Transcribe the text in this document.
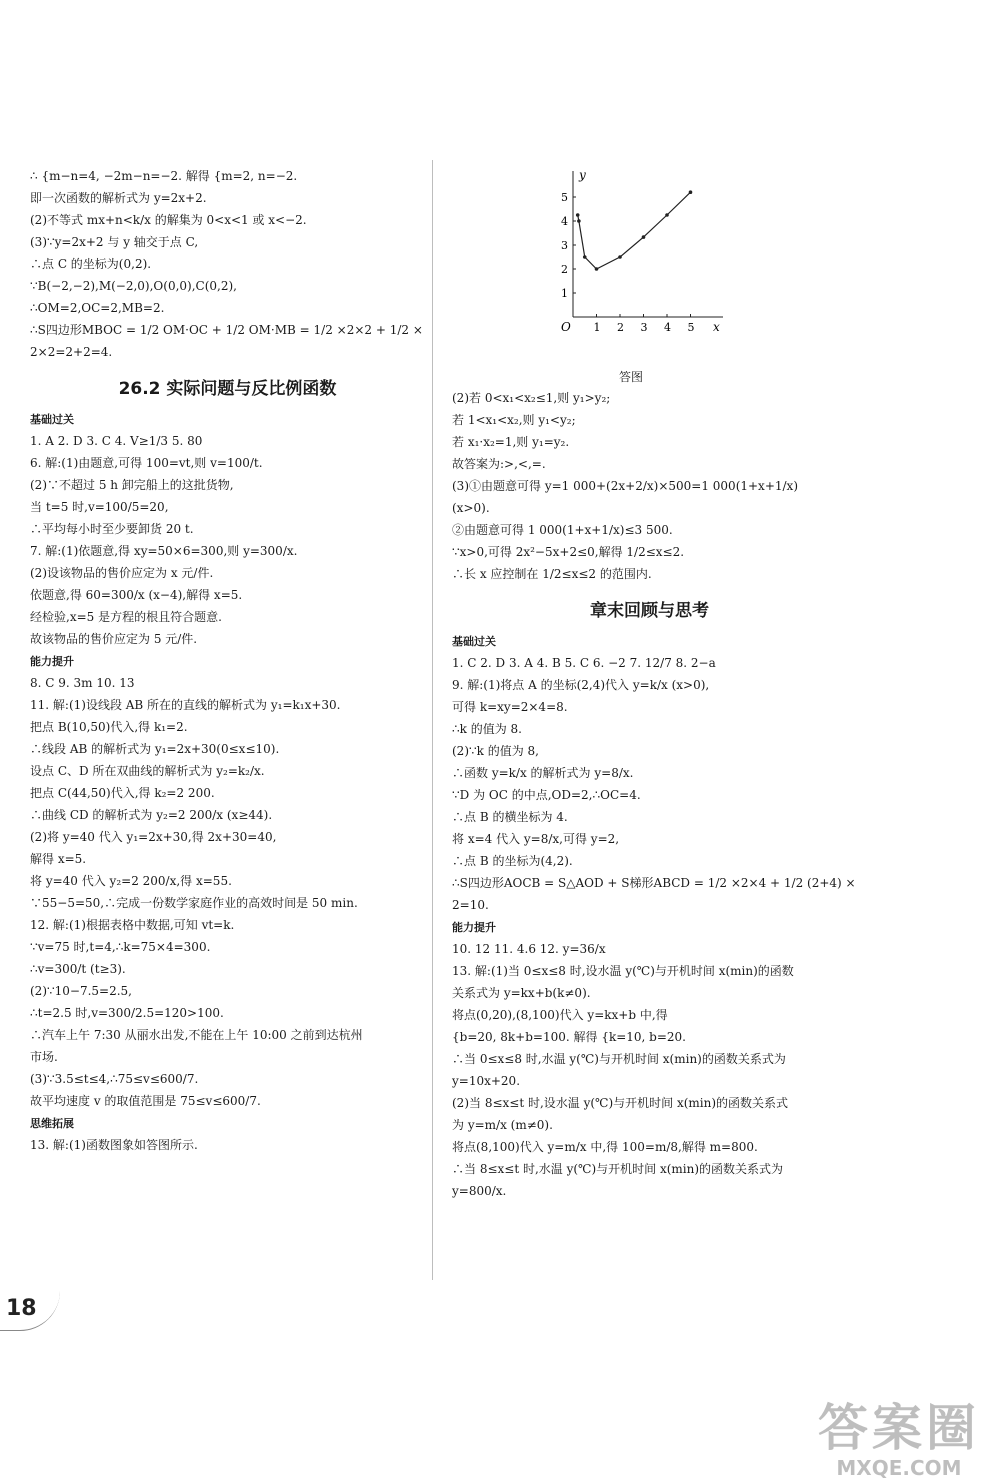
∴ {m−n=4, −2m−n=−2. 解得 {m=2, n=−2.
即一次函数的解析式为 y=2x+2.
(2)不等式 mx+n<k/x 的解集为 0<x<1 或 x<−2.
(3)∵y=2x+2 与 y 轴交于点 C,
∴点 C 的坐标为(0,2).
∵B(−2,−2),M(−2,0),O(0,0),C(0,2),
∴OM=2,OC=2,MB=2.
∴S四边形MBOC = 1/2 OM·OC + 1/2 OM·MB = 1/2 ×2×2 + 1/2 ×
2×2=2+2=4.
26.2 实际问题与反比例函数
基础过关
1. A 2. D 3. C 4. V≥1/3 5. 80
6. 解:(1)由题意,可得 100=vt,则 v=100/t.
(2)∵不超过 5 h 卸完船上的这批货物,
当 t=5 时,v=100/5=20,
∴平均每小时至少要卸货 20 t.
7. 解:(1)依题意,得 xy=50×6=300,则 y=300/x.
(2)设该物品的售价应定为 x 元/件.
依题意,得 60=300/x (x−4),解得 x=5.
经检验,x=5 是方程的根且符合题意.
故该物品的售价应定为 5 元/件.
能力提升
8. C 9. 3m 10. 13
11. 解:(1)设线段 AB 所在的直线的解析式为 y₁=k₁x+30.
把点 B(10,50)代入,得 k₁=2.
∴线段 AB 的解析式为 y₁=2x+30(0≤x≤10).
设点 C、D 所在双曲线的解析式为 y₂=k₂/x.
把点 C(44,50)代入,得 k₂=2 200.
∴曲线 CD 的解析式为 y₂=2 200/x (x≥44).
(2)将 y=40 代入 y₁=2x+30,得 2x+30=40,
解得 x=5.
将 y=40 代入 y₂=2 200/x,得 x=55.
∵55−5=50,∴完成一份数学家庭作业的高效时间是 50 min.
12. 解:(1)根据表格中数据,可知 vt=k.
∵v=75 时,t=4,∴k=75×4=300.
∴v=300/t (t≥3).
(2)∵10−7.5=2.5,
∴t=2.5 时,v=300/2.5=120>100.
∴汽车上午 7:30 从丽水出发,不能在上午 10:00 之前到达杭州
市场.
(3)∵3.5≤t≤4,∴75≤v≤600/7.
故平均速度 v 的取值范围是 75≤v≤600/7.
思维拓展
13. 解:(1)函数图象如答图所示.
y
x
O 1 2 3 4 5
1
2
3
4
5
答图
(2)若 0<x₁<x₂≤1,则 y₁>y₂;
若 1<x₁<x₂,则 y₁<y₂;
若 x₁·x₂=1,则 y₁=y₂.
故答案为:>,<,=.
(3)①由题意可得 y=1 000+(2x+2/x)×500=1 000(1+x+1/x)
(x>0).
②由题意可得 1 000(1+x+1/x)≤3 500.
∵x>0,可得 2x²−5x+2≤0,解得 1/2≤x≤2.
∴长 x 应控制在 1/2≤x≤2 的范围内.
章末回顾与思考
基础过关
1. C 2. D 3. A 4. B 5. C 6. −2 7. 12/7 8. 2−a
9. 解:(1)将点 A 的坐标(2,4)代入 y=k/x (x>0),
可得 k=xy=2×4=8.
∴k 的值为 8.
(2)∵k 的值为 8,
∴函数 y=k/x 的解析式为 y=8/x.
∵D 为 OC 的中点,OD=2,∴OC=4.
∴点 B 的横坐标为 4.
将 x=4 代入 y=8/x,可得 y=2,
∴点 B 的坐标为(4,2).
∴S四边形AOCB = S△AOD + S梯形ABCD = 1/2 ×2×4 + 1/2 (2+4) ×
2=10.
能力提升
10. 12 11. 4.6 12. y=36/x
13. 解:(1)当 0≤x≤8 时,设水温 y(℃)与开机时间 x(min)的函数
关系式为 y=kx+b(k≠0).
将点(0,20),(8,100)代入 y=kx+b 中,得
{b=20, 8k+b=100. 解得 {k=10, b=20.
∴当 0≤x≤8 时,水温 y(℃)与开机时间 x(min)的函数关系式为
y=10x+20.
(2)当 8≤x≤t 时,设水温 y(℃)与开机时间 x(min)的函数关系式
为 y=m/x (m≠0).
将点(8,100)代入 y=m/x 中,得 100=m/8,解得 m=800.
∴当 8≤x≤t 时,水温 y(℃)与开机时间 x(min)的函数关系式为
y=800/x.
18
答案圈
MXQE.COM
